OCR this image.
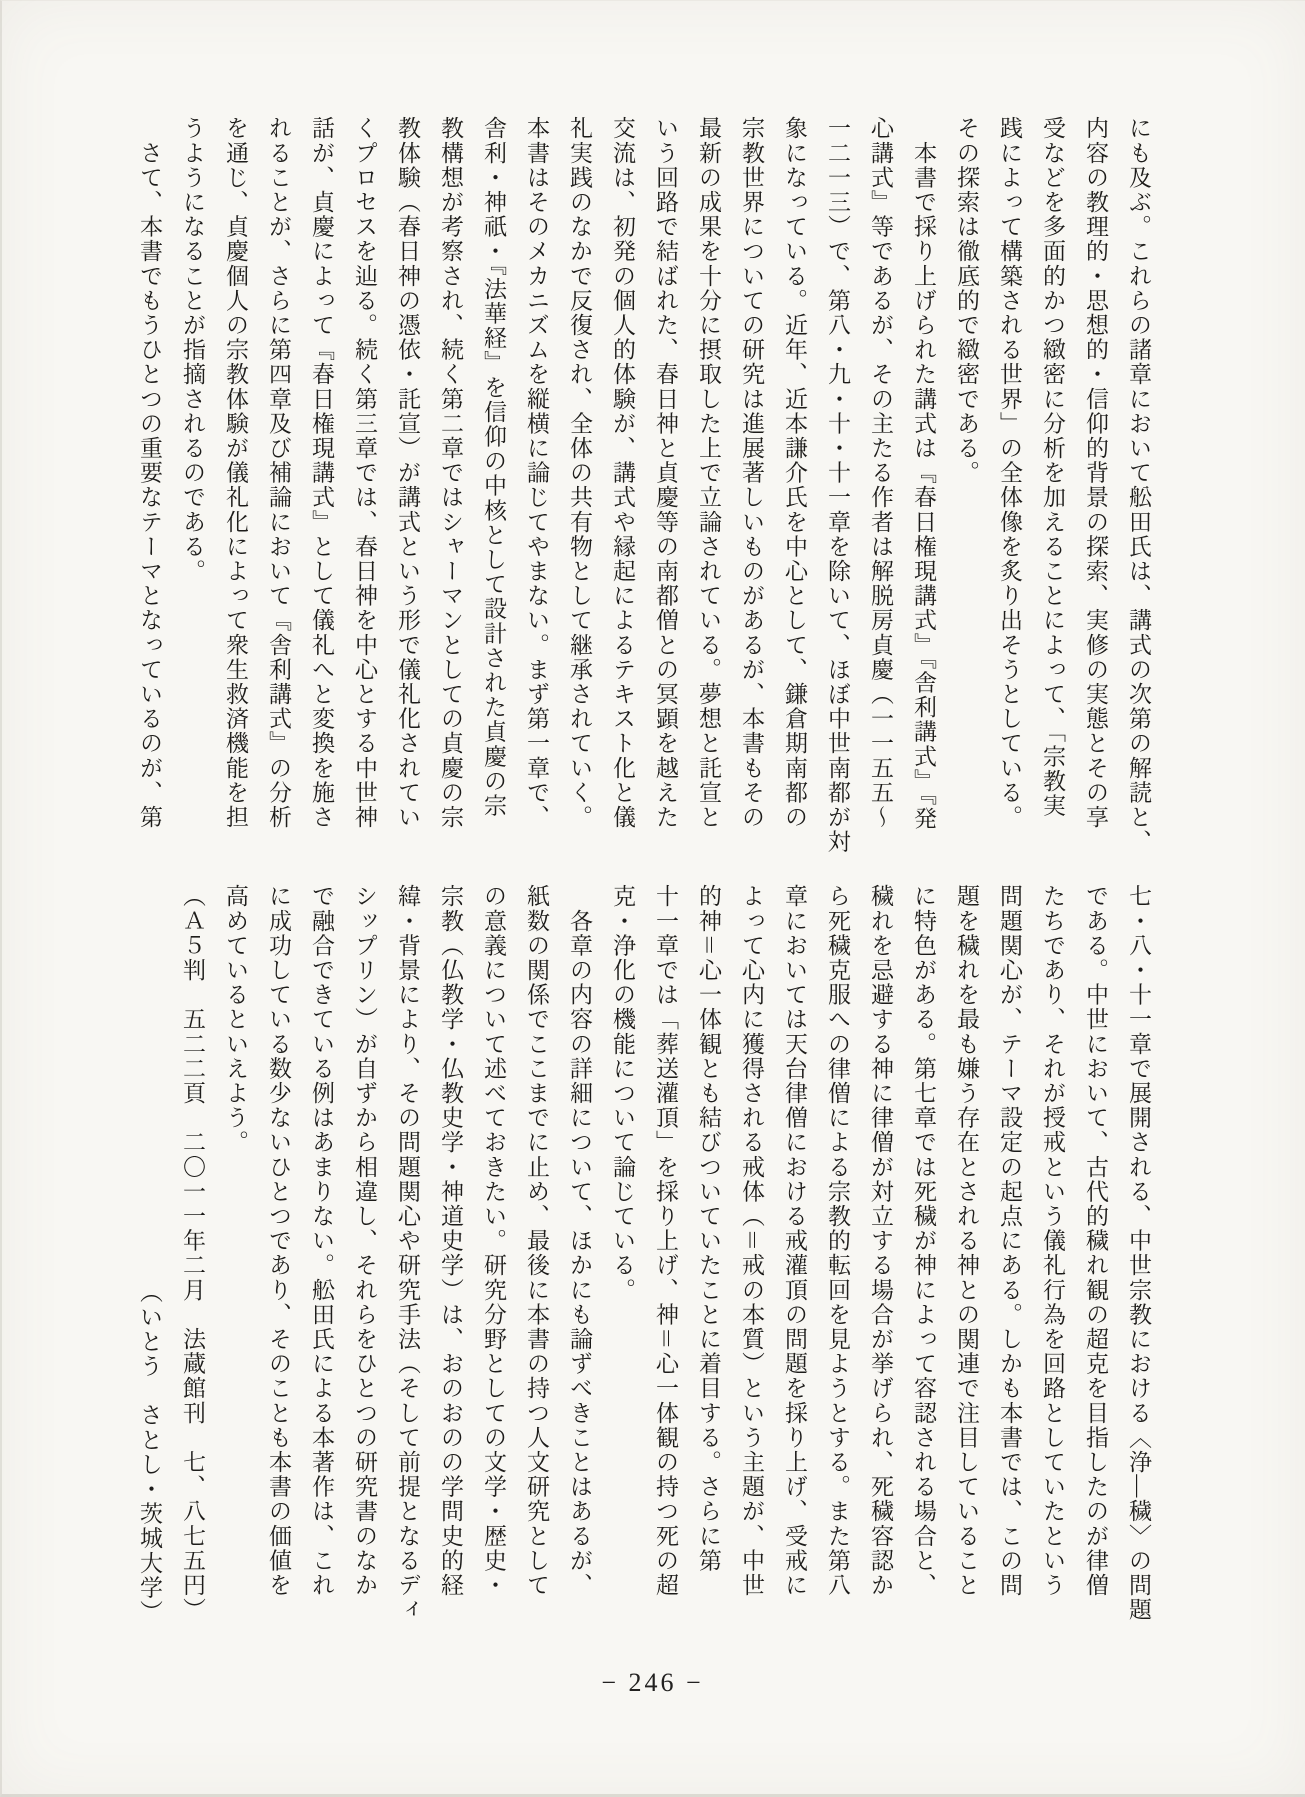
にも及ぶ。これらの諸章において舩田氏は、講式の次第の解読と、
内容の教理的・思想的・信仰的背景の探索、実修の実態とその享
受などを多面的かつ緻密に分析を加えることによって、「宗教実
践によって構築される世界」の全体像を炙り出そうとしている。
その探索は徹底的で緻密である。
　本書で採り上げられた講式は『春日権現講式』『舎利講式』『発
心講式』等であるが、その主たる作者は解脱房貞慶（一一五五〜
一二一三）で、第八・九・十・十一章を除いて、ほぼ中世南都が対
象になっている。近年、近本謙介氏を中心として、鎌倉期南都の
宗教世界についての研究は進展著しいものがあるが、本書もその
最新の成果を十分に摂取した上で立論されている。夢想と託宣と
いう回路で結ばれた、春日神と貞慶等の南都僧との冥顕を越えた
交流は、初発の個人的体験が、講式や縁起によるテキスト化と儀
礼実践のなかで反復され、全体の共有物として継承されていく。
本書はそのメカニズムを縦横に論じてやまない。まず第一章で、
舎利・神祇・『法華経』を信仰の中核として設計された貞慶の宗
教構想が考察され、続く第二章ではシャーマンとしての貞慶の宗
教体験（春日神の憑依・託宣）が講式という形で儀礼化されてい
くプロセスを辿る。続く第三章では、春日神を中心とする中世神
話が、貞慶によって『春日権現講式』として儀礼へと変換を施さ
れることが、さらに第四章及び補論において『舎利講式』の分析
を通じ、貞慶個人の宗教体験が儀礼化によって衆生救済機能を担
うようになることが指摘されるのである。
　さて、本書でもうひとつの重要なテーマとなっているのが、第
七・八・十一章で展開される、中世宗教における〈浄―穢〉の問題
である。中世において、古代的穢れ観の超克を目指したのが律僧
たちであり、それが授戒という儀礼行為を回路としていたという
問題関心が、テーマ設定の起点にある。しかも本書では、この問
題を穢れを最も嫌う存在とされる神との関連で注目していること
に特色がある。第七章では死穢が神によって容認される場合と、
穢れを忌避する神に律僧が対立する場合が挙げられ、死穢容認か
ら死穢克服への律僧による宗教的転回を見ようとする。また第八
章においては天台律僧における戒灌頂の問題を採り上げ、受戒に
よって心内に獲得される戒体（＝戒の本質）という主題が、中世
的神＝心一体観とも結びついていたことに着目する。さらに第
十一章では「葬送灌頂」を採り上げ、神＝心一体観の持つ死の超
克・浄化の機能について論じている。
　各章の内容の詳細について、ほかにも論ずべきことはあるが、
紙数の関係でここまでに止め、最後に本書の持つ人文研究として
の意義について述べておきたい。研究分野としての文学・歴史・
宗教（仏教学・仏教史学・神道史学）は、おのおのの学問史的経
緯・背景により、その問題関心や研究手法（そして前提となるディ
シップリン）が自ずから相違し、それらをひとつの研究書のなか
で融合できている例はあまりない。舩田氏による本著作は、これ
に成功している数少ないひとつであり、そのことも本書の価値を
高めているといえよう。
（Ａ５判　五二二頁　二〇一一年二月　法蔵館刊　七、八七五円）
（いとう　さとし・茨城大学）
− 246 −
